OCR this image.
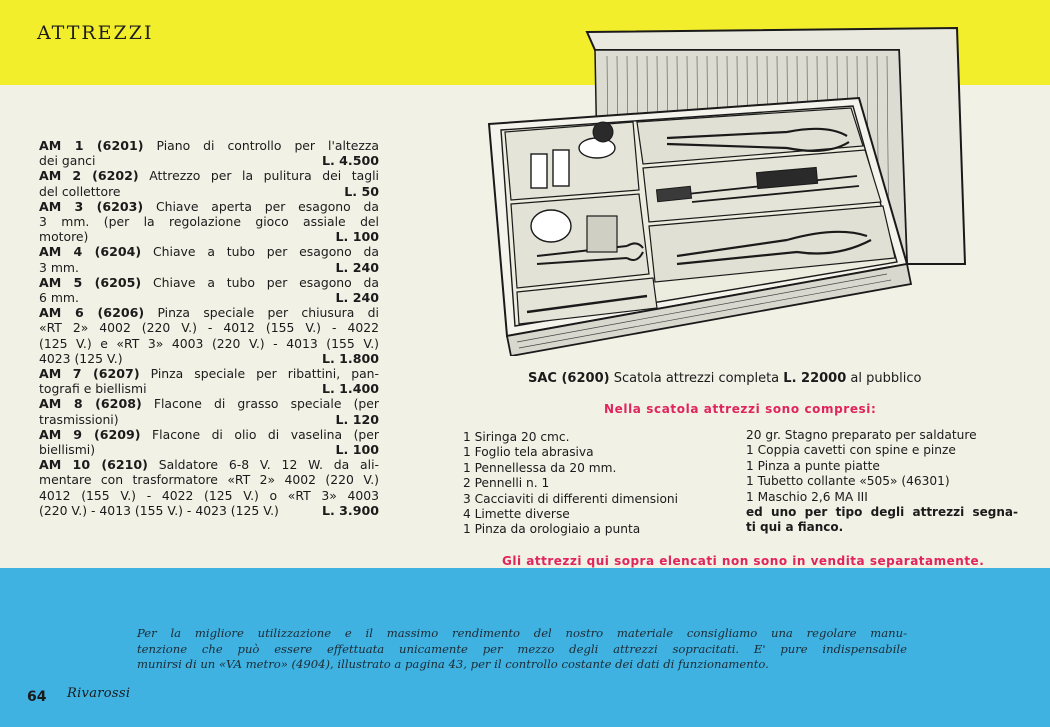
ATTREZZI
AM 1 (6201) Piano di controllo per l'altezza
dei ganci	L. 4.500
AM 2 (6202) Attrezzo per la pulitura dei tagli
del collettore	L. 50
AM 3 (6203) Chiave aperta per esagono da
3 mm. (per la regolazione gioco assiale del
motore)	L. 100
AM 4 (6204) Chiave a tubo per esagono da
3 mm.	L. 240
AM 5 (6205) Chiave a tubo per esagono da
6 mm.	L. 240
AM 6 (6206) Pinza speciale per chiusura di
«RT 2» 4002 (220 V.) - 4012 (155 V.) - 4022
(125 V.) e «RT 3» 4003 (220 V.) - 4013 (155 V.)
4023 (125 V.)	L. 1.800
AM 7 (6207) Pinza speciale per ribattini, pan-
tografi e biellismi	L. 1.400
AM 8 (6208) Flacone di grasso speciale (per
trasmissioni)	L. 120
AM 9 (6209) Flacone di olio di vaselina (per
biellismi)	L. 100
AM 10 (6210) Saldatore 6-8 V. 12 W. da ali-
mentare con trasformatore «RT 2» 4002 (220 V.)
4012 (155 V.) - 4022 (125 V.) o «RT 3» 4003
(220 V.) - 4013 (155 V.) - 4023 (125 V.)	L. 3.900
SAC (6200) Scatola attrezzi completa L. 22000 al pubblico
Nella scatola attrezzi sono compresi:
1 Siringa 20 cmc.
1 Foglio tela abrasiva
1 Pennellessa da 20 mm.
2 Pennelli n. 1
3 Cacciaviti di differenti dimensioni
4 Limette diverse
1 Pinza da orologiaio a punta
20 gr. Stagno preparato per saldature
1 Coppia cavetti con spine e pinze
1 Pinza a punte piatte
1 Tubetto collante «505» (46301)
1 Maschio 2,6 MA III
ed uno per tipo degli attrezzi segna-
ti qui a fianco.
Gli attrezzi qui sopra elencati non sono in vendita separatamente.
Per la migliore utilizzazione e il massimo rendimento del nostro materiale consigliamo una regolare manu-
tenzione che può essere effettuata unicamente per mezzo degli attrezzi sopracitati. E' pure indispensabile
munirsi di un «VA metro» (4904), illustrato a pagina 43, per il controllo costante dei dati di funzionamento.
64 Rivarossi
